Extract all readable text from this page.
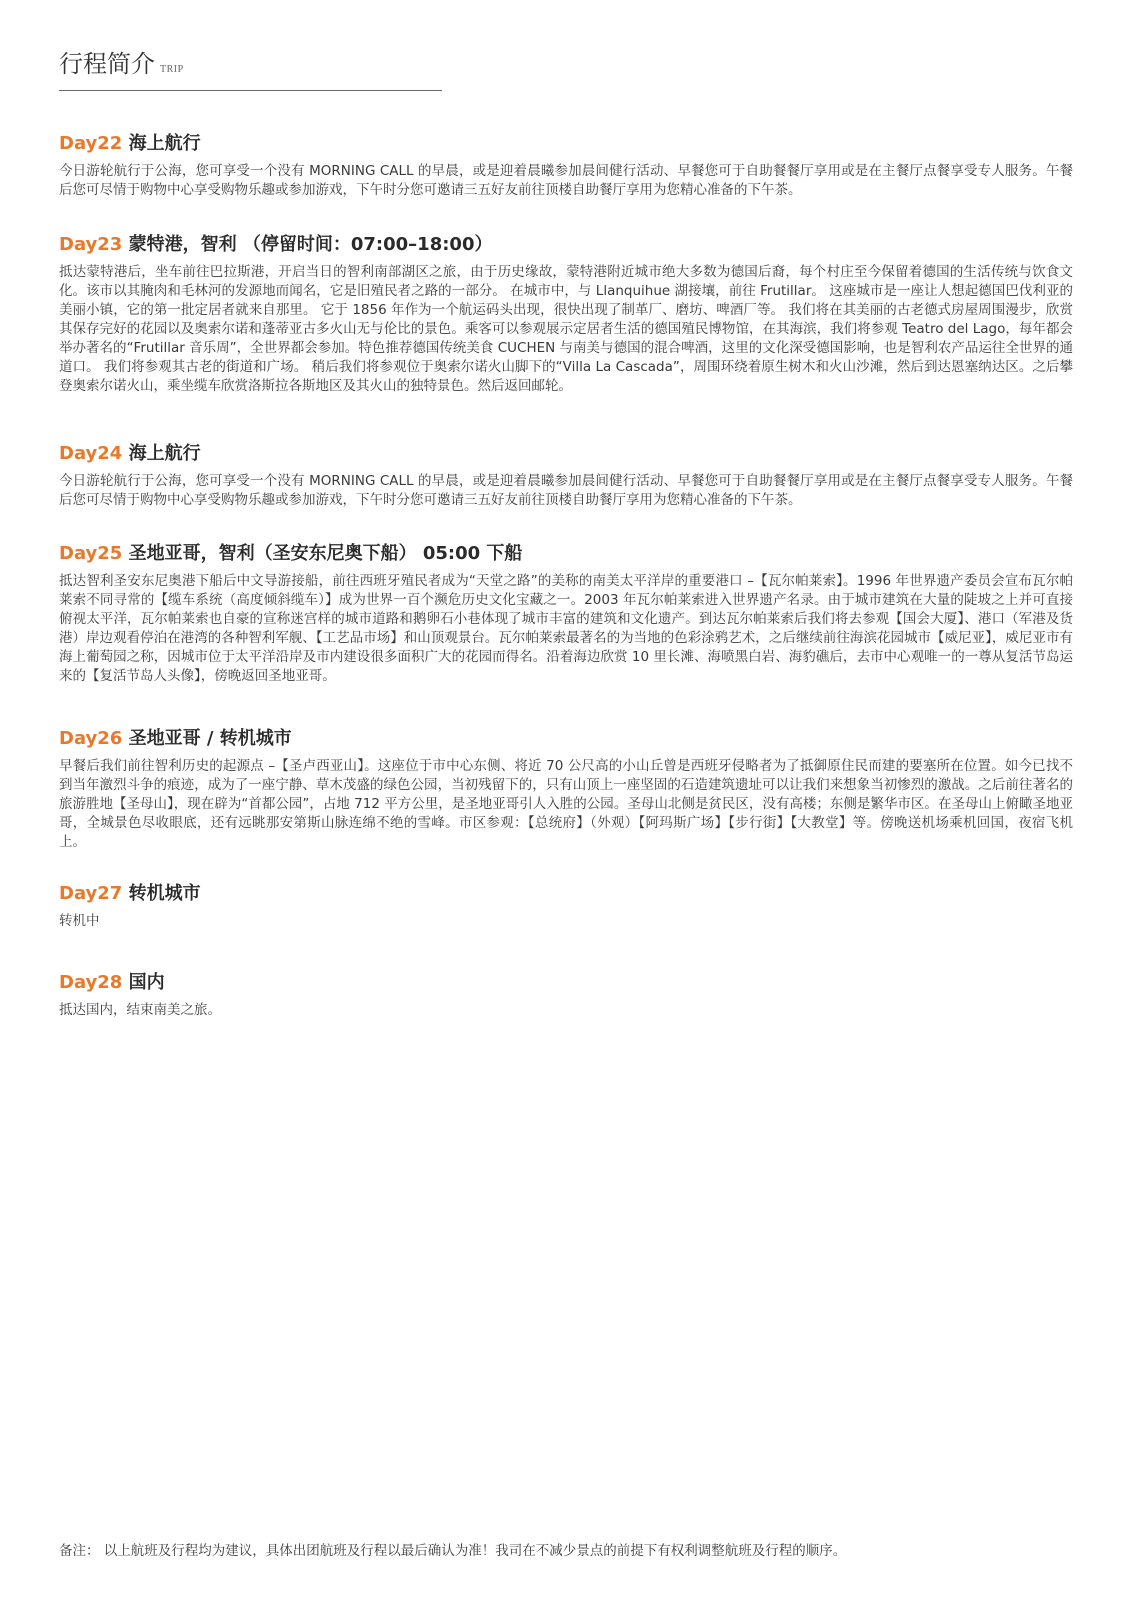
行程简介 TRIP
Day22 海上航行

今日游轮航行于公海，您可享受一个没有 MORNING CALL 的早晨，或是迎着晨曦参加晨间健行活动、早餐您可于自助餐餐厅享用或是在主餐厅点餐享受专人服务。午餐后您可尽情于购物中心享受购物乐趣或参加游戏，下午时分您可邀请三五好友前往顶楼自助餐厅享用为您精心准备的下午茶。

Day23 蒙特港，智利 （停留时间：07:00–18:00）

抵达蒙特港后，坐车前往巴拉斯港，开启当日的智利南部湖区之旅，由于历史缘故，蒙特港附近城市绝大多数为德国后裔，每个村庄至今保留着德国的生活传统与饮食文化。该市以其腌肉和毛林河的发源地而闻名，它是旧殖民者之路的一部分。 在城市中，与 Llanquihue 湖接壤，前往 Frutillar。 这座城市是一座让人想起德国巴伐利亚的美丽小镇，它的第一批定居者就来自那里。 它于 1856 年作为一个航运码头出现，很快出现了制革厂、磨坊、啤酒厂等。 我们将在其美丽的古老德式房屋周围漫步，欣赏其保存完好的花园以及奥索尔诺和蓬蒂亚古多火山无与伦比的景色。乘客可以参观展示定居者生活的德国殖民博物馆，在其海滨，我们将参观 Teatro del Lago，每年都会举办著名的“Frutillar 音乐周”，全世界都会参加。特色推荐德国传统美食 CUCHEN 与南美与德国的混合啤酒，这里的文化深受德国影响，也是智利农产品运往全世界的通道口。 我们将参观其古老的街道和广场。 稍后我们将参观位于奥索尔诺火山脚下的“Villa La Cascada”，周围环绕着原生树木和火山沙滩，然后到达恩塞纳达区。之后攀登奥索尔诺火山，乘坐缆车欣赏洛斯拉各斯地区及其火山的独特景色。然后返回邮轮。

Day24 海上航行

今日游轮航行于公海，您可享受一个没有 MORNING CALL 的早晨，或是迎着晨曦参加晨间健行活动、早餐您可于自助餐餐厅享用或是在主餐厅点餐享受专人服务。午餐后您可尽情于购物中心享受购物乐趣或参加游戏，下午时分您可邀请三五好友前往顶楼自助餐厅享用为您精心准备的下午茶。

Day25 圣地亚哥，智利（圣安东尼奥下船） 05:00 下船

抵达智利圣安东尼奥港下船后中文导游接船，前往西班牙殖民者成为“天堂之路”的美称的南美太平洋岸的重要港口 –【瓦尔帕莱索】。1996 年世界遗产委员会宣布瓦尔帕莱索不同寻常的【缆车系统（高度倾斜缆车）】成为世界一百个濒危历史文化宝藏之一。2003 年瓦尔帕莱索进入世界遗产名录。由于城市建筑在大量的陡坡之上并可直接俯视太平洋，瓦尔帕莱索也自豪的宣称迷宫样的城市道路和鹅卵石小巷体现了城市丰富的建筑和文化遗产。到达瓦尔帕莱索后我们将去参观【国会大厦】、港口（军港及货港）岸边观看停泊在港湾的各种智利军舰、【工艺品市场】和山顶观景台。瓦尔帕莱索最著名的为当地的色彩涂鸦艺术，之后继续前往海滨花园城市【威尼亚】，威尼亚市有海上葡萄园之称，因城市位于太平洋沿岸及市内建设很多面积广大的花园而得名。沿着海边欣赏 10 里长滩、海喷黑白岩、海豹礁后，去市中心观唯一的一尊从复活节岛运来的【复活节岛人头像】，傍晚返回圣地亚哥。

Day26 圣地亚哥 / 转机城市

早餐后我们前往智利历史的起源点 –【圣卢西亚山】。这座位于市中心东侧、将近 70 公尺高的小山丘曾是西班牙侵略者为了抵御原住民而建的要塞所在位置。如今已找不到当年激烈斗争的痕迹，成为了一座宁静、草木茂盛的绿色公园，当初残留下的，只有山顶上一座坚固的石造建筑遗址可以让我们来想象当初惨烈的激战。之后前往著名的旅游胜地【圣母山】，现在辟为“首都公园”，占地 712 平方公里，是圣地亚哥引人入胜的公园。圣母山北侧是贫民区，没有高楼；东侧是繁华市区。在圣母山上俯瞰圣地亚哥，全城景色尽收眼底，还有远眺那安第斯山脉连绵不绝的雪峰。市区参观：【总统府】（外观）【阿玛斯广场】【步行街】【大教堂】等。傍晚送机场乘机回国，夜宿飞机上。

Day27 转机城市

转机中

Day28 国内

抵达国内，结束南美之旅。

备注： 以上航班及行程均为建议，具体出团航班及行程以最后确认为准！我司在不减少景点的前提下有权利调整航班及行程的顺序。
